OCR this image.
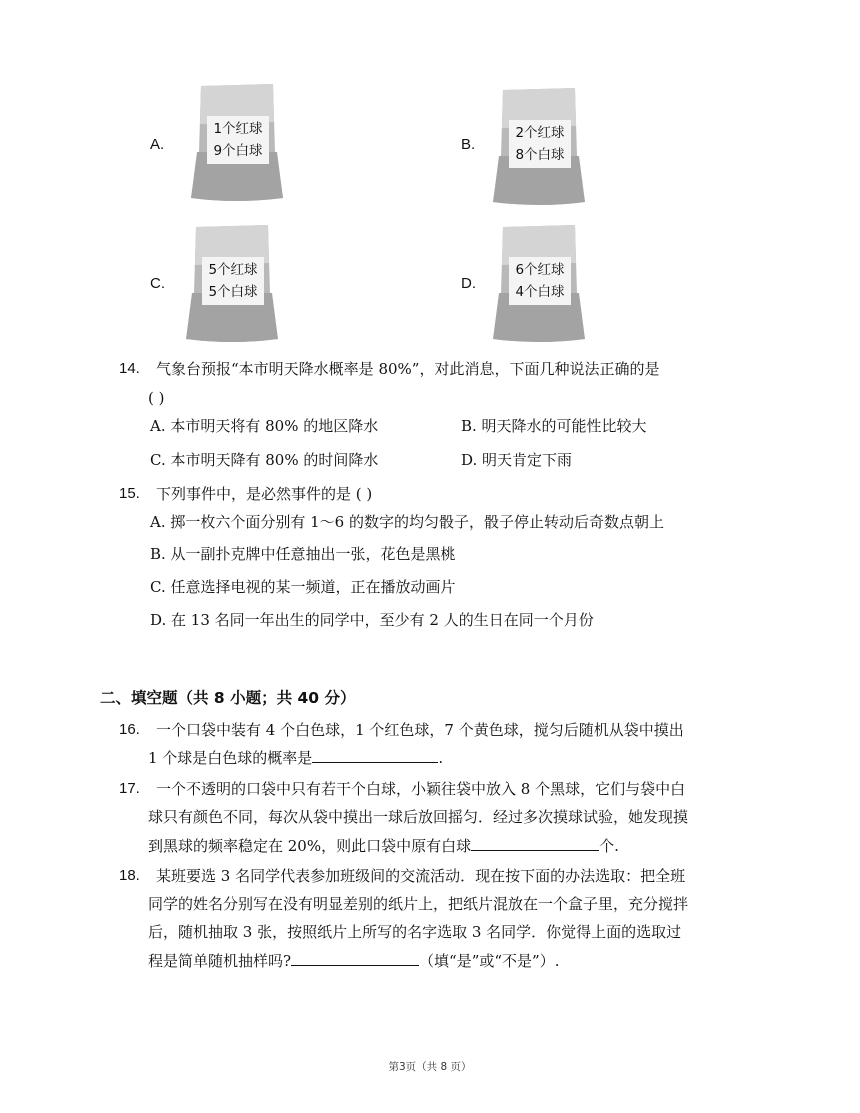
A.
1个红球
9个白球	B.
2个红球
8个白球
C.
5个红球
5个白球	D.
6个红球
4个白球
14. 气象台预报“本市明天降水概率是 80%”，对此消息，下面几种说法正确的是
( )
A. 本市明天将有 80% 的地区降水	B. 明天降水的可能性比较大
C. 本市明天降有 80% 的时间降水	D. 明天肯定下雨
15. 下列事件中，是必然事件的是 ( )
A. 掷一枚六个面分别有 1～6 的数字的均匀骰子，骰子停止转动后奇数点朝上
B. 从一副扑克牌中任意抽出一张，花色是黑桃
C. 任意选择电视的某一频道，正在播放动画片
D. 在 13 名同一年出生的同学中，至少有 2 人的生日在同一个月份
二、填空题（共 8 小题；共 40 分）
16. 一个口袋中装有 4 个白色球，1 个红色球，7 个黄色球，搅匀后随机从袋中摸出
1 个球是白色球的概率是	.
17. 一个不透明的口袋中只有若干个白球，小颖往袋中放入 8 个黑球，它们与袋中白
球只有颜色不同，每次从袋中摸出一球后放回摇匀．经过多次摸球试验，她发现摸
到黑球的频率稳定在 20%，则此口袋中原有白球	个.
18. 某班要选 3 名同学代表参加班级间的交流活动．现在按下面的办法选取：把全班
同学的姓名分别写在没有明显差别的纸片上，把纸片混放在一个盒子里，充分搅拌
后，随机抽取 3 张，按照纸片上所写的名字选取 3 名同学．你觉得上面的选取过
程是简单随机抽样吗?	（填“是”或“不是”）.
第3页（共 8 页）
